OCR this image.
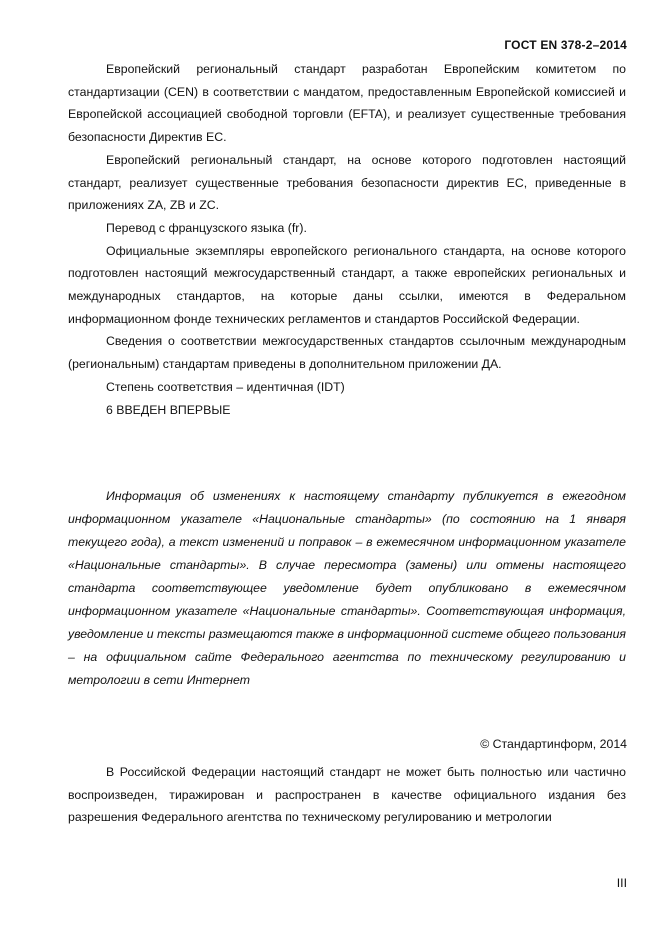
ГОСТ EN 378-2–2014

Европейский региональный стандарт разработан Европейским комитетом по стандартизации (CEN) в соответствии с мандатом, предоставленным Европейской комиссией и Европейской ассоциацией свободной торговли (EFTA), и реализует существенные требования безопасности Директив ЕС.

Европейский региональный стандарт, на основе которого подготовлен настоящий стандарт, реализует существенные требования безопасности директив ЕС, приведенные в приложениях ZA, ZB и ZC.

Перевод с французского языка (fr).

Официальные экземпляры европейского регионального стандарта, на основе которого подготовлен настоящий межгосударственный стандарт, а также европейских региональных и международных стандартов, на которые даны ссылки, имеются в Федеральном информационном фонде технических регламентов и стандартов Российской Федерации.

Сведения о соответствии межгосударственных стандартов ссылочным международным (региональным) стандартам приведены в дополнительном приложении ДА.

Степень соответствия – идентичная (IDT)

6 ВВЕДЕН ВПЕРВЫЕ

Информация об изменениях к настоящему стандарту публикуется в ежегодном информационном указателе «Национальные стандарты» (по состоянию на 1 января текущего года), а текст изменений и поправок – в ежемесячном информационном указателе «Национальные стандарты». В случае пересмотра (замены) или отмены настоящего стандарта соответствующее уведомление будет опубликовано в ежемесячном информационном указателе «Национальные стандарты». Соответствующая информация, уведомление и тексты размещаются также в информационной системе общего пользования – на официальном сайте Федерального агентства по техническому регулированию и метрологии в сети Интернет

© Стандартинформ, 2014

В Российской Федерации настоящий стандарт не может быть полностью или частично воспроизведен, тиражирован и распространен в качестве официального издания без разрешения Федерального агентства по техническому регулированию и метрологии

III
